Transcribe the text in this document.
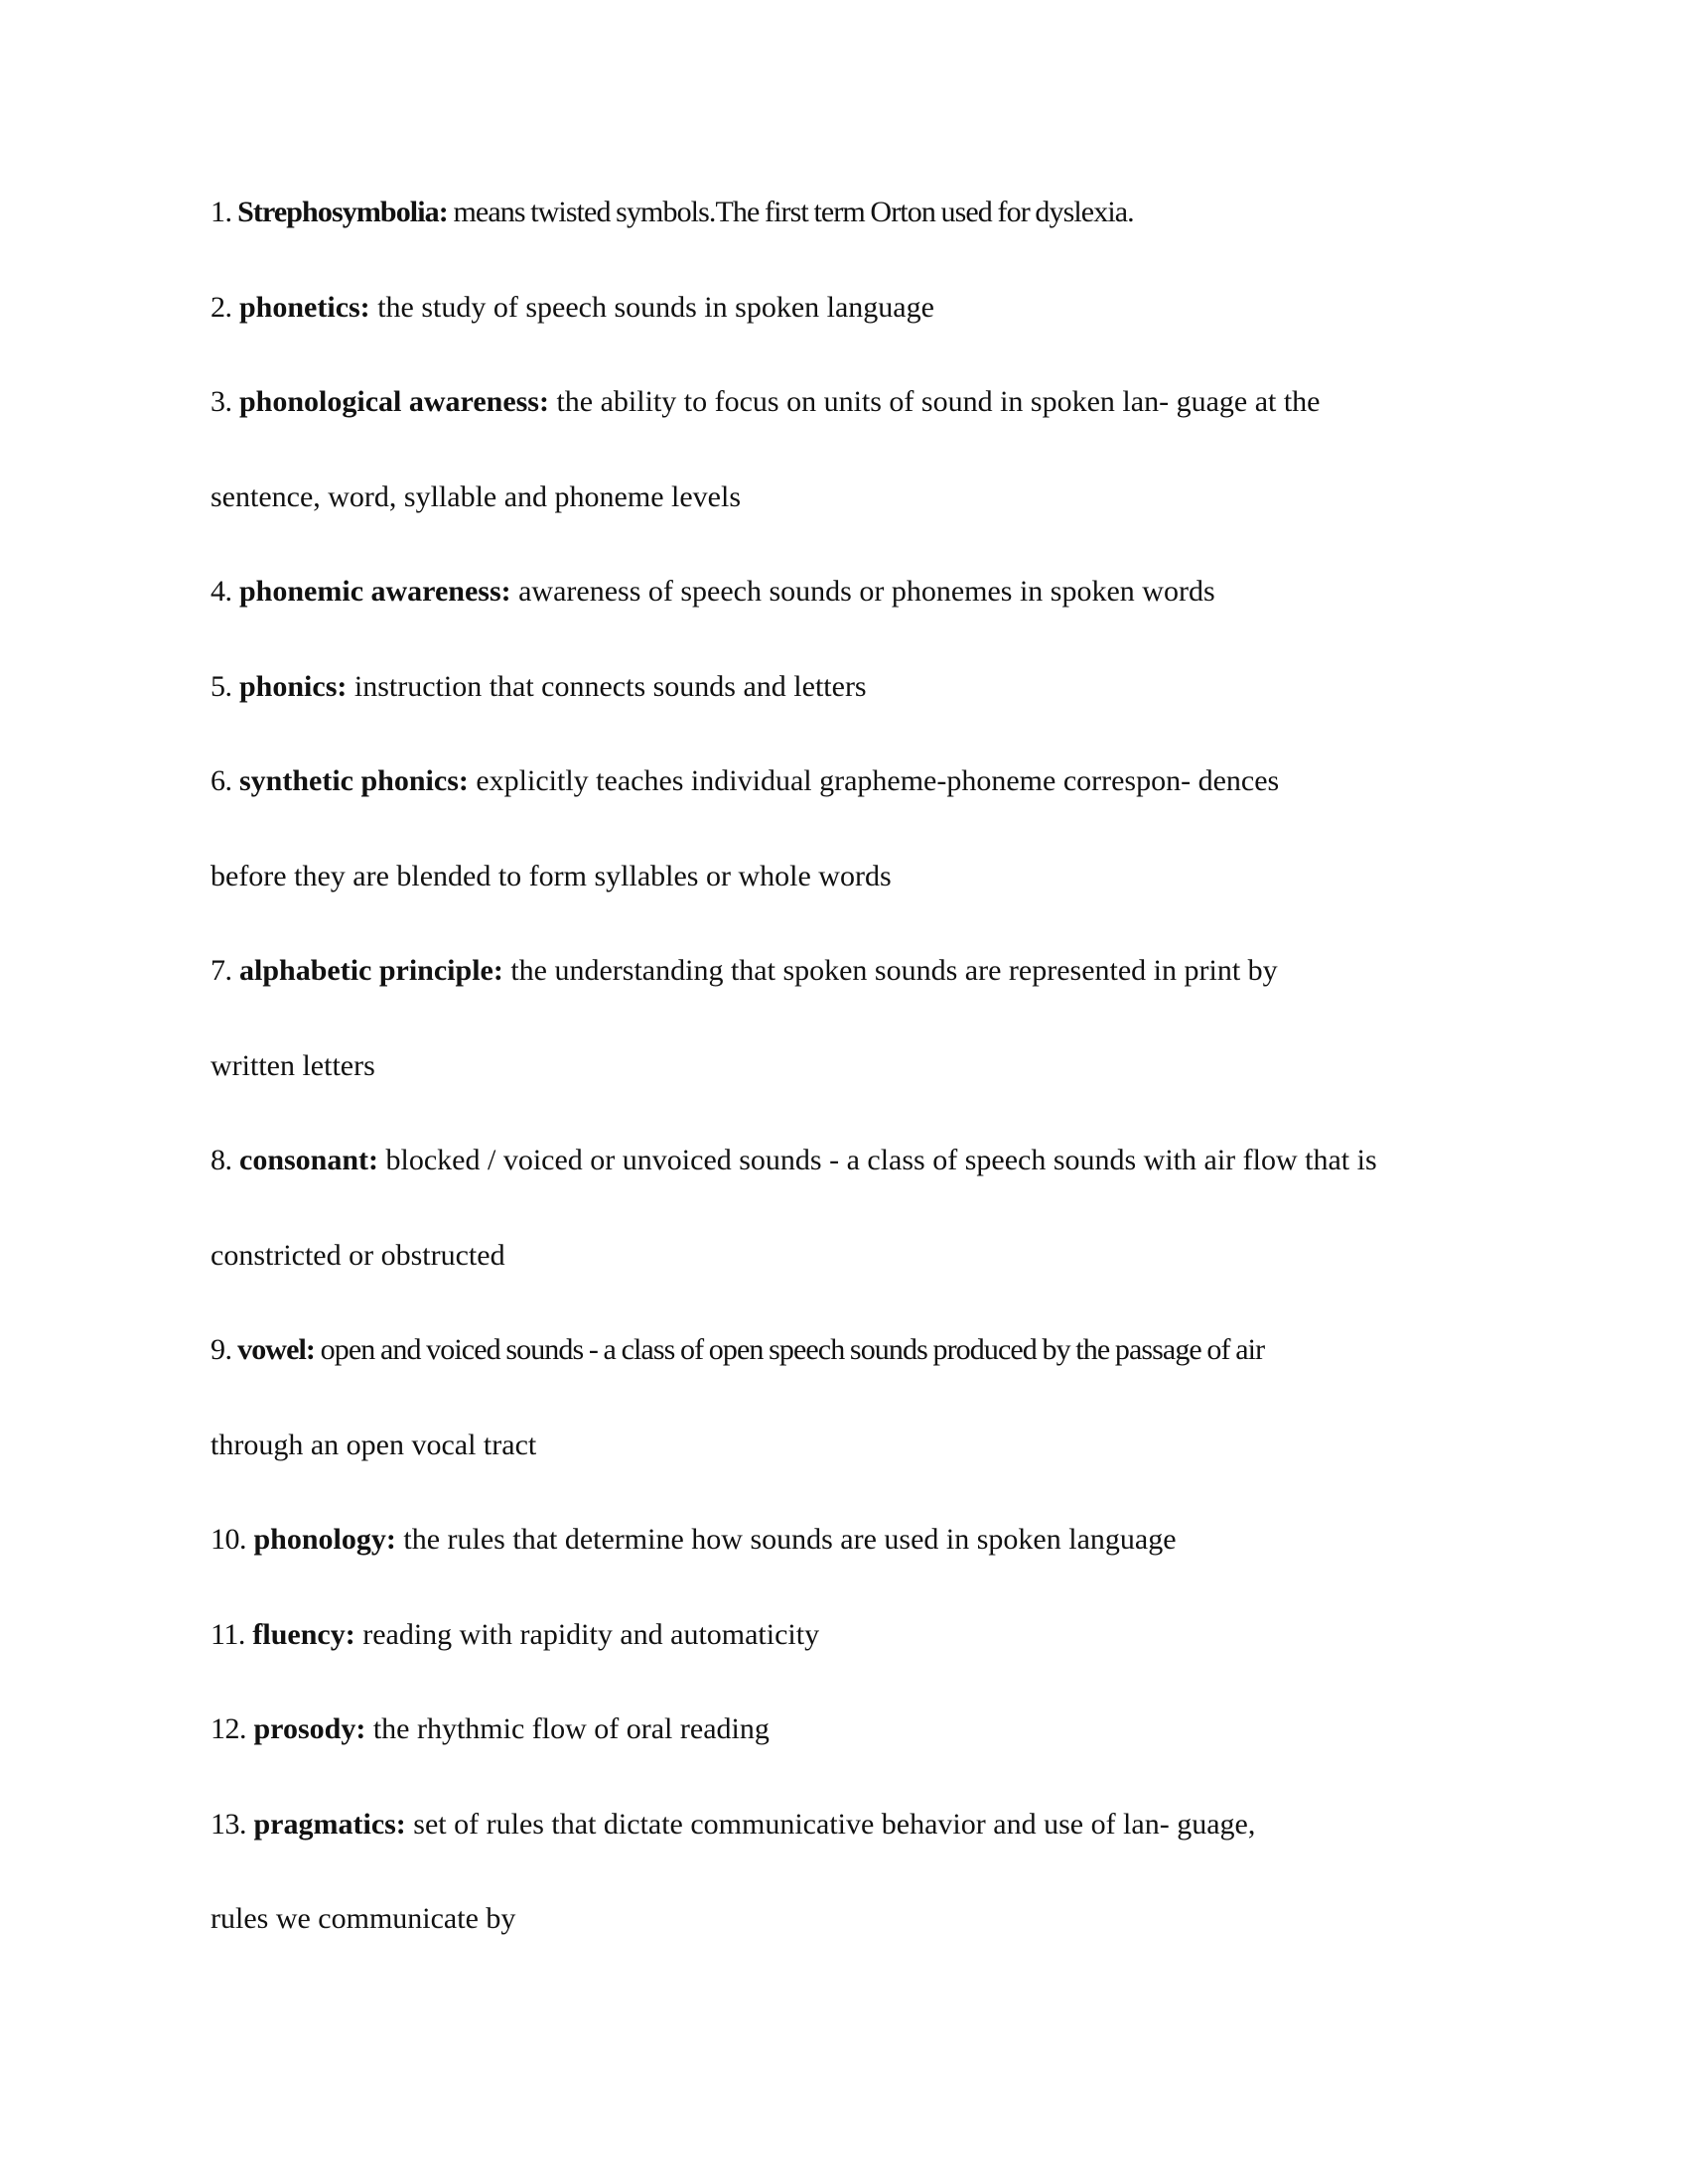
1. Strephosymbolia: means twisted symbols.The first term Orton used for dyslexia.
2. phonetics: the study of speech sounds in spoken language
3. phonological awareness: the ability to focus on units of sound in spoken lan- guage at the
sentence, word, syllable and phoneme levels
4. phonemic awareness: awareness of speech sounds or phonemes in spoken words
5. phonics: instruction that connects sounds and letters
6. synthetic phonics: explicitly teaches individual grapheme-phoneme correspon- dences
before they are blended to form syllables or whole words
7. alphabetic principle: the understanding that spoken sounds are represented in print by
written letters
8. consonant: blocked / voiced or unvoiced sounds - a class of speech sounds with air flow that is
constricted or obstructed
9. vowel: open and voiced sounds - a class of open speech sounds produced by the passage of air
through an open vocal tract
10. phonology: the rules that determine how sounds are used in spoken language
11. fluency: reading with rapidity and automaticity
12. prosody: the rhythmic flow of oral reading
13. pragmatics: set of rules that dictate communicative behavior and use of lan- guage,
rules we communicate by
